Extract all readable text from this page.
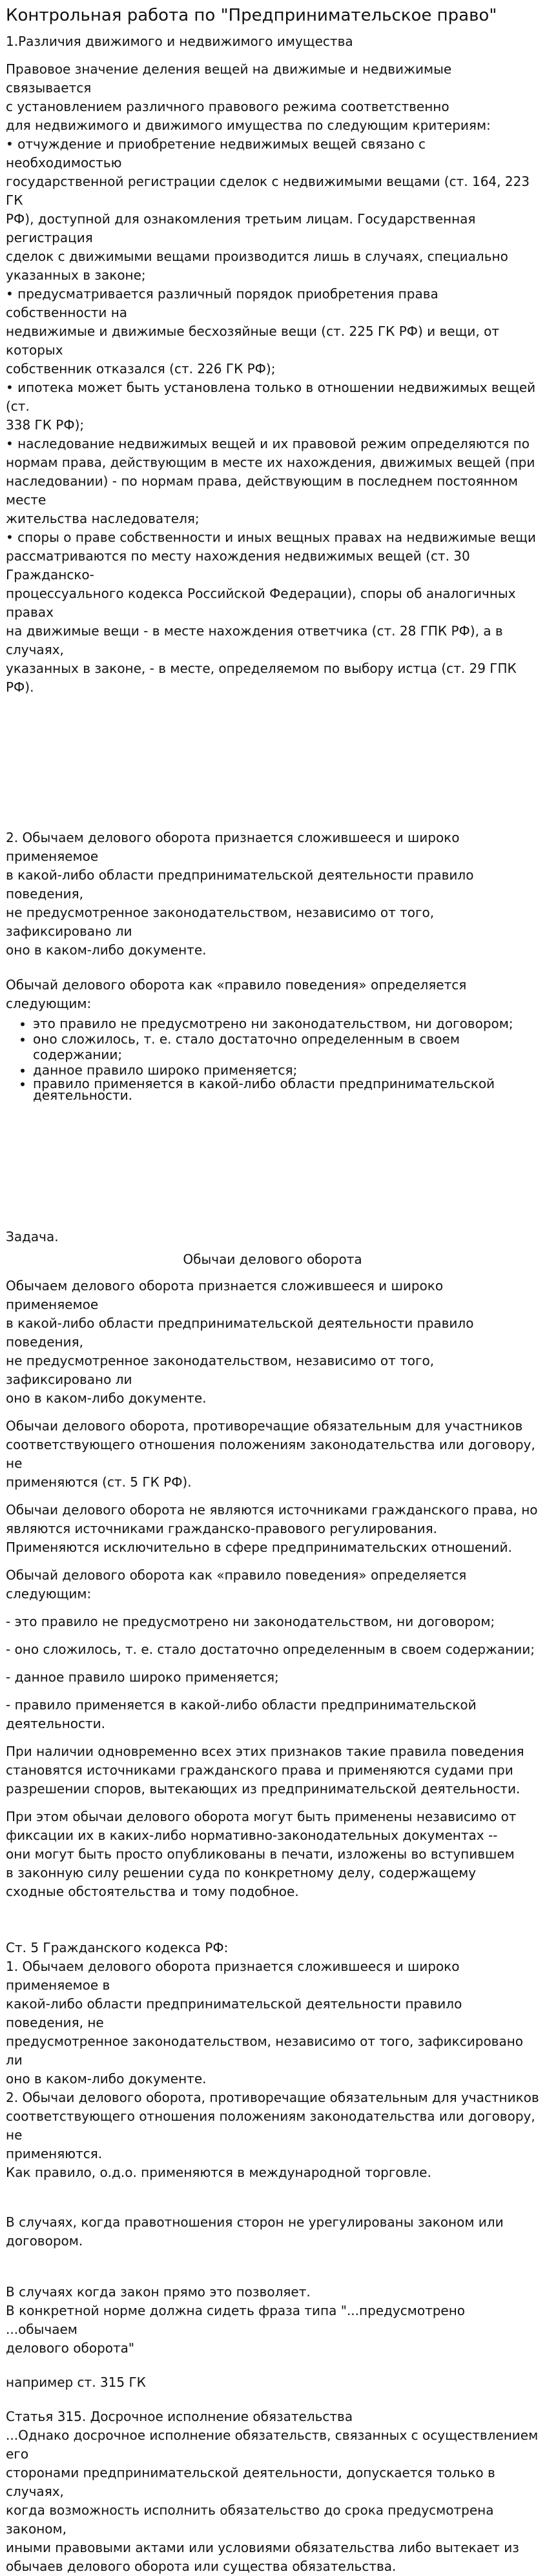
Контрольная работа по "Предпринимательское право"
1.Различия движимого и недвижимого имущества

Правовое значение деления вещей на движимые и недвижимые связывается

с установлением различного правового режима соответственно

для недвижимого и движимого имущества по следующим критериям:

• отчуждение и приобретение недвижимых вещей связано с необходимостью

государственной регистрации сделок с недвижимыми вещами (ст. 164, 223 ГК

РФ), доступной для ознакомления третьим лицам. Государственная регистрация

сделок с движимыми вещами производится лишь в случаях, специально

указанных в законе;

• предусматривается различный порядок приобретения права собственности на

недвижимые и движимые бесхозяйные вещи (ст. 225 ГК РФ) и вещи, от которых

собственник отказался (ст. 226 ГК РФ);

• ипотека может быть установлена только в отношении недвижимых вещей (ст.

338 ГК РФ);

• наследование недвижимых вещей и их правовой режим определяются по

нормам права, действующим в месте их нахождения, движимых вещей (при

наследовании) - по нормам права, действующим в последнем постоянном месте

жительства наследователя;

• споры о праве собственности и иных вещных правах на недвижимые вещи

рассматриваются по месту нахождения недвижимых вещей (ст. 30 Гражданско-

процессуального кодекса Российской Федерации), споры об аналогичных правах

на движимые вещи - в месте нахождения ответчика (ст. 28 ГПК РФ), а в случаях,

указанных в законе, - в месте, определяемом по выбору истца (ст. 29 ГПК РФ).

2. Обычаем делового оборота признается сложившееся и широко применяемое

в какой-либо области предпринимательской деятельности правило поведения,

не предусмотренное законодательством, независимо от того, зафиксировано ли

оно в каком-либо документе.

Обычай делового оборота как «правило поведения» определяется следующим:

• это правило не предусмотрено ни законодательством, ни договором;
• оно сложилось, т. е. стало достаточно определенным в своем содержании;
• данное правило широко применяется;
• правило применяется в какой-либо области предпринимательской деятельности.

Задача.

Обычаи делового оборота

Обычаем делового оборота признается сложившееся и широко применяемое

в какой-либо области предпринимательской деятельности правило поведения,

не предусмотренное законодательством, независимо от того, зафиксировано ли

оно в каком-либо документе.

Обычаи делового оборота, противоречащие обязательным для участников

соответствующего отношения положениям законодательства или договору, не

применяются (ст. 5 ГК РФ).

Обычаи делового оборота не являются источниками гражданского права, но

являются источниками гражданско-правового регулирования.

Применяются исключительно в сфере предпринимательских отношений.

Обычай делового оборота как «правило поведения» определяется следующим:

- это правило не предусмотрено ни законодательством, ни договором;

- оно сложилось, т. е. стало достаточно определенным в своем содержании;

- данное правило широко применяется;

- правило применяется в какой-либо области предпринимательской

деятельности.

При наличии одновременно всех этих признаков такие правила поведения

становятся источниками гражданского права и применяются судами при

разрешении споров, вытекающих из предпринимательской деятельности.

При этом обычаи делового оборота могут быть применены независимо от

фиксации их в каких-либо нормативно-законодательных документах --

они могут быть просто опубликованы в печати, изложены во вступившем

в законную силу решении суда по конкретному делу, содержащему

сходные обстоятельства и тому подобное.

Ст. 5 Гражданского кодекса РФ:

1. Обычаем делового оборота признается сложившееся и широко применяемое в

какой-либо области предпринимательской деятельности правило поведения, не

предусмотренное законодательством, независимо от того, зафиксировано ли

оно в каком-либо документе.

2. Обычаи делового оборота, противоречащие обязательным для участников

соответствующего отношения положениям законодательства или договору, не

применяются.

Как правило, о.д.о. применяются в международной торговле.

В случаях, когда правотношения сторон не урегулированы законом или

договором.

В случаях когда закон прямо это позволяет.

В конкретной норме должна сидеть фраза типа "...предусмотрено ...обычаем

делового оборота"

например ст. 315 ГК

Статья 315. Досрочное исполнение обязательства

...Однако досрочное исполнение обязательств, связанных с осуществлением его

сторонами предпринимательской деятельности, допускается только в случаях,

когда возможность исполнить обязательство до срока предусмотрена законом,

иными правовыми актами или условиями обязательства либо вытекает из

обычаев делового оборота или существа обязательства.
